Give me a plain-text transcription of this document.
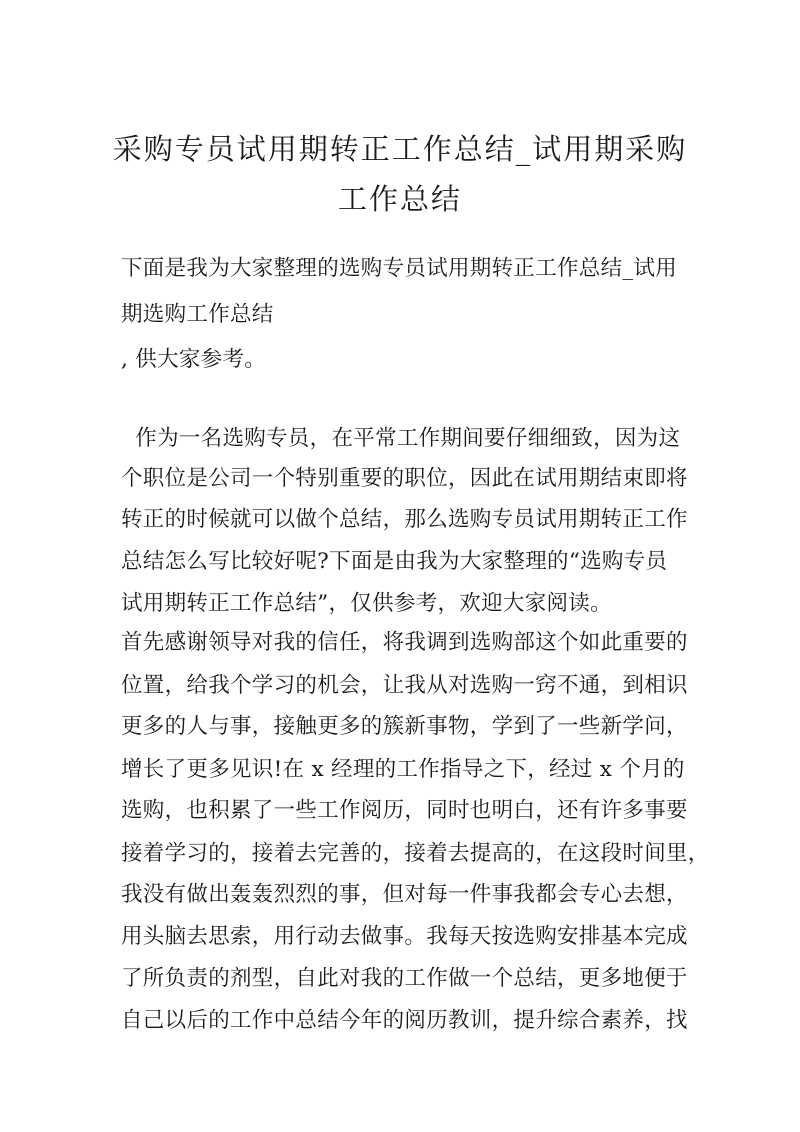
采购专员试用期转正工作总结_试用期采购
工作总结
下面是我为大家整理的选购专员试用期转正工作总结_试用
期选购工作总结
, 供大家参考。
作为一名选购专员，在平常工作期间要仔细细致，因为这
个职位是公司一个特别重要的职位，因此在试用期结束即将
转正的时候就可以做个总结，那么选购专员试用期转正工作
总结怎么写比较好呢?下面是由我为大家整理的“选购专员
试用期转正工作总结”，仅供参考，欢迎大家阅读。
首先感谢领导对我的信任，将我调到选购部这个如此重要的
位置，给我个学习的机会，让我从对选购一窍不通，到相识
更多的人与事，接触更多的簇新事物，学到了一些新学问，
增长了更多见识!在 x 经理的工作指导之下，经过 x 个月的
选购，也积累了一些工作阅历，同时也明白，还有许多事要
接着学习的，接着去完善的，接着去提高的，在这段时间里，
我没有做出轰轰烈烈的事，但对每一件事我都会专心去想，
用头脑去思索，用行动去做事。我每天按选购安排基本完成
了所负责的剂型，自此对我的工作做一个总结，更多地便于
自己以后的工作中总结今年的阅历教训，提升综合素养，找
